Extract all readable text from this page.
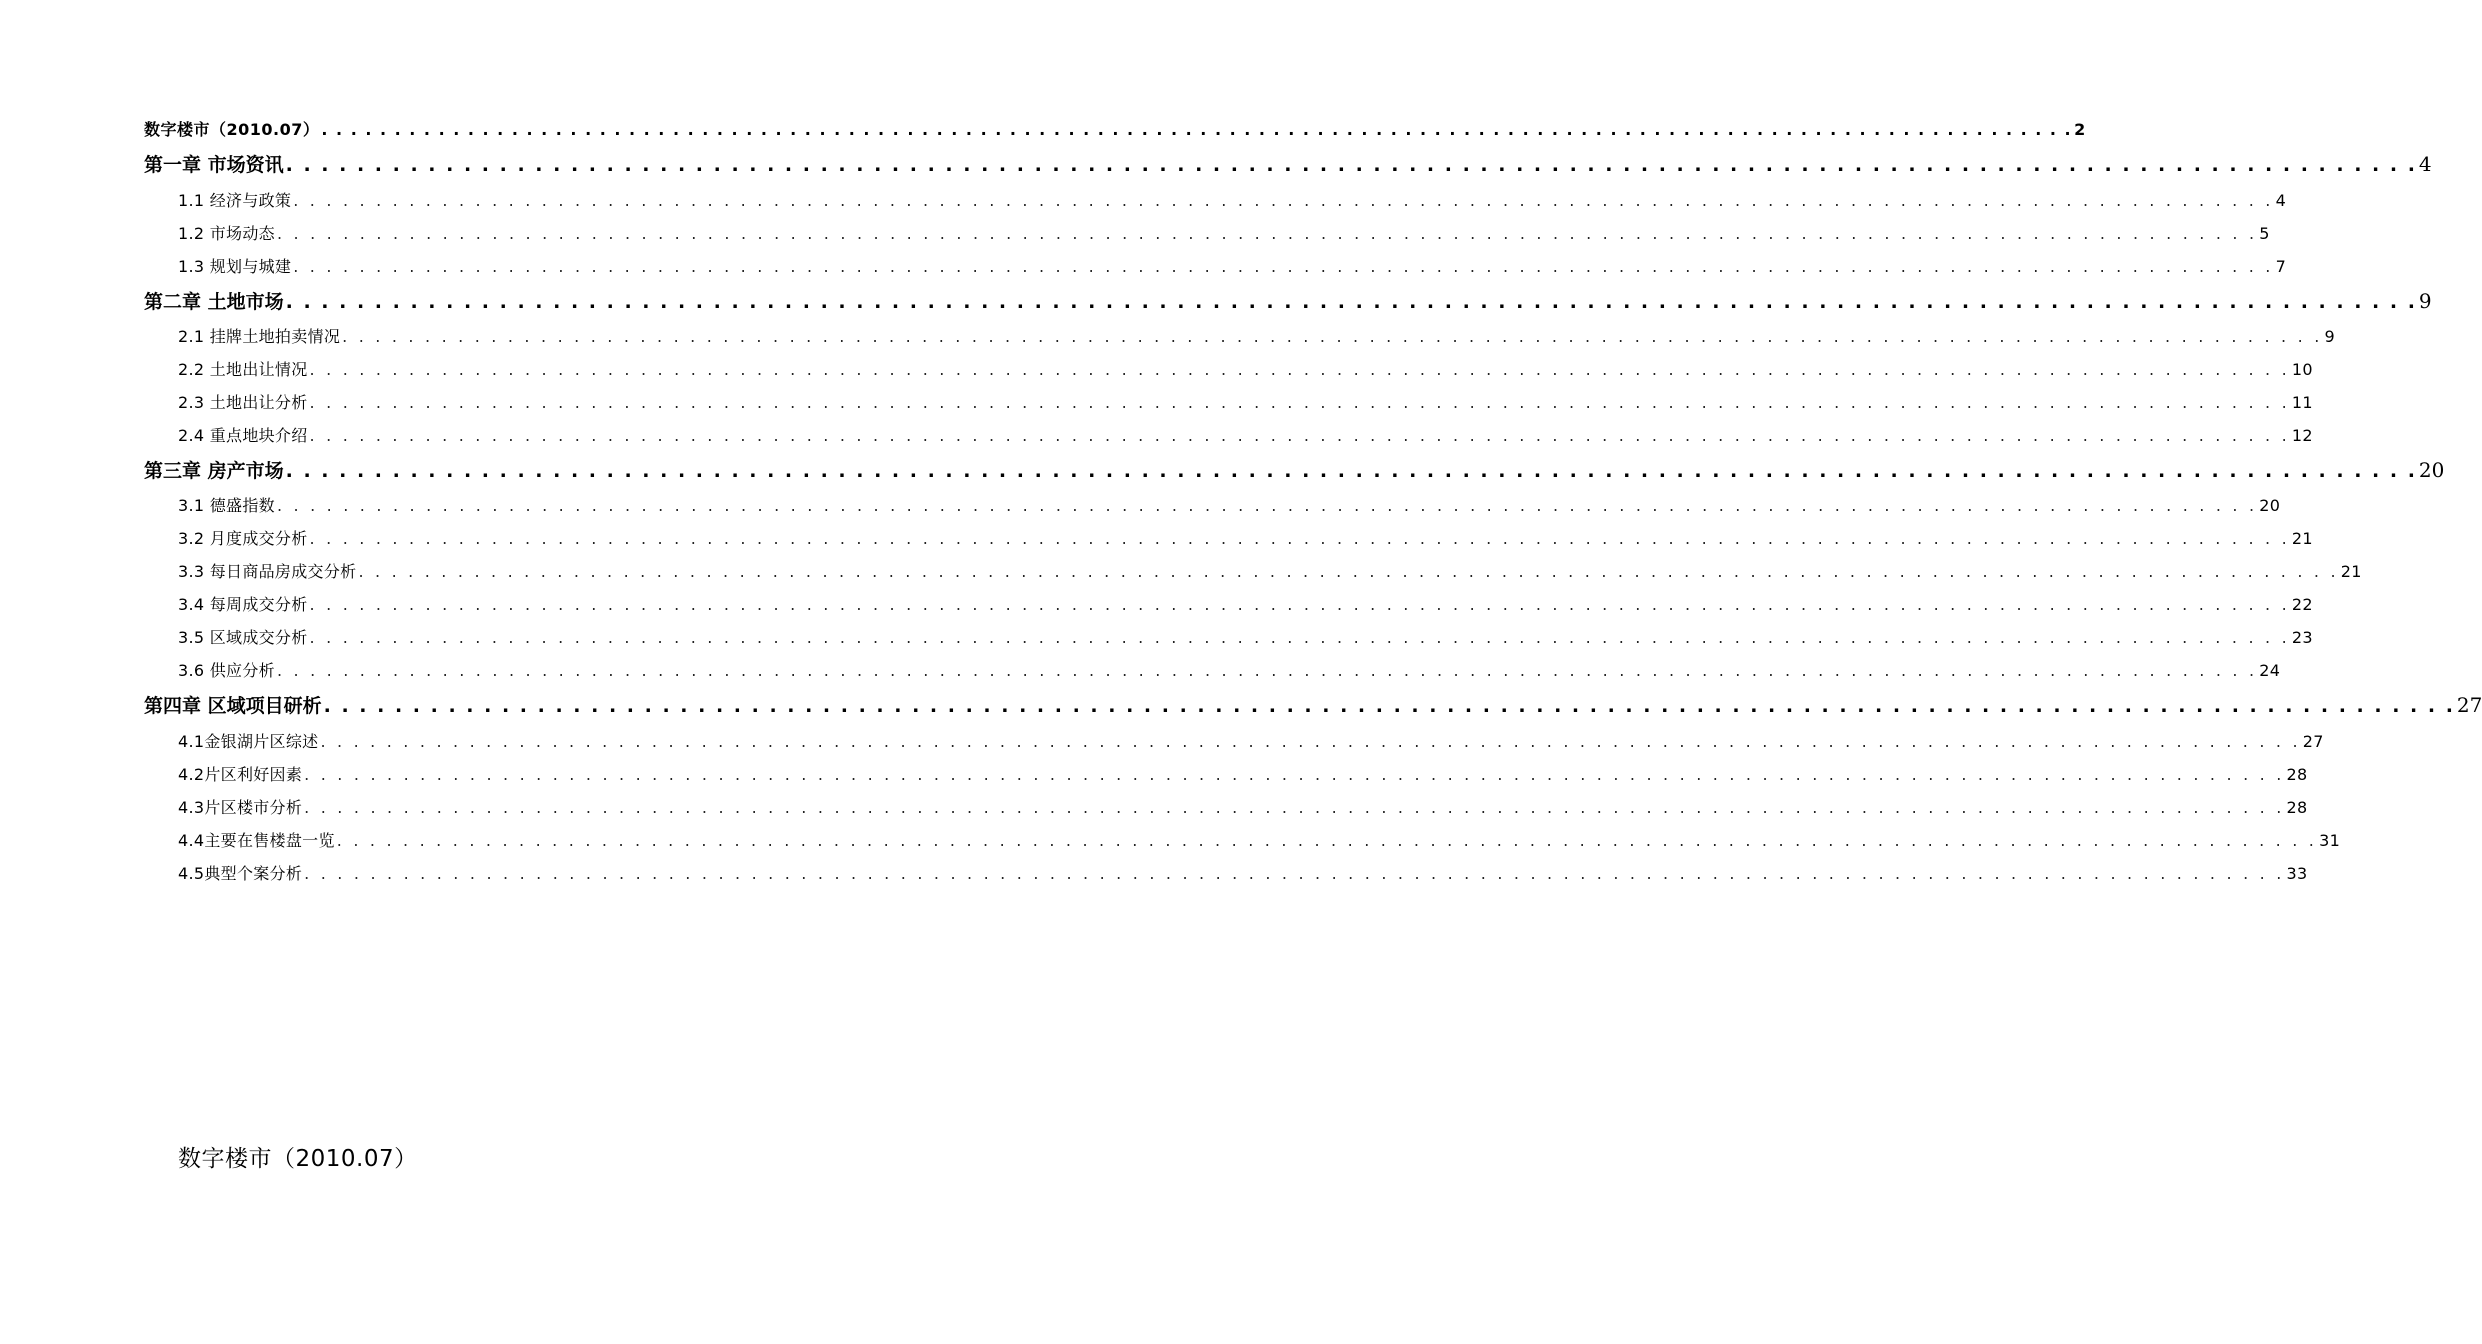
数字楼市（2010.07） . . . . . . . . . . . . . . . . . . . . . . . . . . . . . . . . . . . . . . . . . . . . . . . . . . . . . . . . . . . . . . . . . . . . . . . . . . . . . . . . . . . . . . . . . . . . . . . . . . . . . . . . . . . . . . . . . . . . . . . . 2
第一章 市场资讯 . . . . . . . . . . . . . . . . . . . . . . . . . . . . . . . . . . . . . . . . . . . . . . . . . . . . . . . . . . . . . . . . . . . . . . . . . . . . . . . . . . . . . . . . . . . . . . . . . . . . . . . . . . . . . . . . . . . . . . . . 4
1.1 经济与政策 . . . . . . . . . . . . . . . . . . . . . . . . . . . . . . . . . . . . . . . . . . . . . . . . . . . . . . . . . . . . . . . . . . . . . . . . . . . . . . . . . . . . . . . . . . . . . . . . . . . . . . . . . . . . . . . . . . . . . . . . 4
1.2 市场动态 . . . . . . . . . . . . . . . . . . . . . . . . . . . . . . . . . . . . . . . . . . . . . . . . . . . . . . . . . . . . . . . . . . . . . . . . . . . . . . . . . . . . . . . . . . . . . . . . . . . . . . . . . . . . . . . . . . . . . . . . 5
1.3 规划与城建 . . . . . . . . . . . . . . . . . . . . . . . . . . . . . . . . . . . . . . . . . . . . . . . . . . . . . . . . . . . . . . . . . . . . . . . . . . . . . . . . . . . . . . . . . . . . . . . . . . . . . . . . . . . . . . . . . . . . . . . . 7
第二章 土地市场 . . . . . . . . . . . . . . . . . . . . . . . . . . . . . . . . . . . . . . . . . . . . . . . . . . . . . . . . . . . . . . . . . . . . . . . . . . . . . . . . . . . . . . . . . . . . . . . . . . . . . . . . . . . . . . . . . . . . . . . . 9
2.1 挂牌土地拍卖情况 . . . . . . . . . . . . . . . . . . . . . . . . . . . . . . . . . . . . . . . . . . . . . . . . . . . . . . . . . . . . . . . . . . . . . . . . . . . . . . . . . . . . . . . . . . . . . . . . . . . . . . . . . . . . . . . . . . . . . . . . 9
2.2 土地出让情况 . . . . . . . . . . . . . . . . . . . . . . . . . . . . . . . . . . . . . . . . . . . . . . . . . . . . . . . . . . . . . . . . . . . . . . . . . . . . . . . . . . . . . . . . . . . . . . . . . . . . . . . . . . . . . . . . . . . . . . . . 10
2.3 土地出让分析 . . . . . . . . . . . . . . . . . . . . . . . . . . . . . . . . . . . . . . . . . . . . . . . . . . . . . . . . . . . . . . . . . . . . . . . . . . . . . . . . . . . . . . . . . . . . . . . . . . . . . . . . . . . . . . . . . . . . . . . . 11
2.4 重点地块介绍 . . . . . . . . . . . . . . . . . . . . . . . . . . . . . . . . . . . . . . . . . . . . . . . . . . . . . . . . . . . . . . . . . . . . . . . . . . . . . . . . . . . . . . . . . . . . . . . . . . . . . . . . . . . . . . . . . . . . . . . . 12
第三章 房产市场 . . . . . . . . . . . . . . . . . . . . . . . . . . . . . . . . . . . . . . . . . . . . . . . . . . . . . . . . . . . . . . . . . . . . . . . . . . . . . . . . . . . . . . . . . . . . . . . . . . . . . . . . . . . . . . . . . . . . . . . . 20
3.1 德盛指数 . . . . . . . . . . . . . . . . . . . . . . . . . . . . . . . . . . . . . . . . . . . . . . . . . . . . . . . . . . . . . . . . . . . . . . . . . . . . . . . . . . . . . . . . . . . . . . . . . . . . . . . . . . . . . . . . . . . . . . . . 20
3.2 月度成交分析 . . . . . . . . . . . . . . . . . . . . . . . . . . . . . . . . . . . . . . . . . . . . . . . . . . . . . . . . . . . . . . . . . . . . . . . . . . . . . . . . . . . . . . . . . . . . . . . . . . . . . . . . . . . . . . . . . . . . . . . . 21
3.3 每日商品房成交分析 . . . . . . . . . . . . . . . . . . . . . . . . . . . . . . . . . . . . . . . . . . . . . . . . . . . . . . . . . . . . . . . . . . . . . . . . . . . . . . . . . . . . . . . . . . . . . . . . . . . . . . . . . . . . . . . . . . . . . . . . 21
3.4 每周成交分析 . . . . . . . . . . . . . . . . . . . . . . . . . . . . . . . . . . . . . . . . . . . . . . . . . . . . . . . . . . . . . . . . . . . . . . . . . . . . . . . . . . . . . . . . . . . . . . . . . . . . . . . . . . . . . . . . . . . . . . . . 22
3.5 区域成交分析 . . . . . . . . . . . . . . . . . . . . . . . . . . . . . . . . . . . . . . . . . . . . . . . . . . . . . . . . . . . . . . . . . . . . . . . . . . . . . . . . . . . . . . . . . . . . . . . . . . . . . . . . . . . . . . . . . . . . . . . . 23
3.6 供应分析 . . . . . . . . . . . . . . . . . . . . . . . . . . . . . . . . . . . . . . . . . . . . . . . . . . . . . . . . . . . . . . . . . . . . . . . . . . . . . . . . . . . . . . . . . . . . . . . . . . . . . . . . . . . . . . . . . . . . . . . . 24
第四章 区域项目研析 . . . . . . . . . . . . . . . . . . . . . . . . . . . . . . . . . . . . . . . . . . . . . . . . . . . . . . . . . . . . . . . . . . . . . . . . . . . . . . . . . . . . . . . . . . . . . . . . . . . . . . . . . . . . . . . . . . . . . . . . 27
4.1金银湖片区综述 . . . . . . . . . . . . . . . . . . . . . . . . . . . . . . . . . . . . . . . . . . . . . . . . . . . . . . . . . . . . . . . . . . . . . . . . . . . . . . . . . . . . . . . . . . . . . . . . . . . . . . . . . . . . . . . . . . . . . . . . 27
4.2片区利好因素 . . . . . . . . . . . . . . . . . . . . . . . . . . . . . . . . . . . . . . . . . . . . . . . . . . . . . . . . . . . . . . . . . . . . . . . . . . . . . . . . . . . . . . . . . . . . . . . . . . . . . . . . . . . . . . . . . . . . . . . . 28
4.3片区楼市分析 . . . . . . . . . . . . . . . . . . . . . . . . . . . . . . . . . . . . . . . . . . . . . . . . . . . . . . . . . . . . . . . . . . . . . . . . . . . . . . . . . . . . . . . . . . . . . . . . . . . . . . . . . . . . . . . . . . . . . . . . 28
4.4主要在售楼盘一览 . . . . . . . . . . . . . . . . . . . . . . . . . . . . . . . . . . . . . . . . . . . . . . . . . . . . . . . . . . . . . . . . . . . . . . . . . . . . . . . . . . . . . . . . . . . . . . . . . . . . . . . . . . . . . . . . . . . . . . . . 31
4.5典型个案分析 . . . . . . . . . . . . . . . . . . . . . . . . . . . . . . . . . . . . . . . . . . . . . . . . . . . . . . . . . . . . . . . . . . . . . . . . . . . . . . . . . . . . . . . . . . . . . . . . . . . . . . . . . . . . . . . . . . . . . . . . 33
数字楼市（2010.07）
